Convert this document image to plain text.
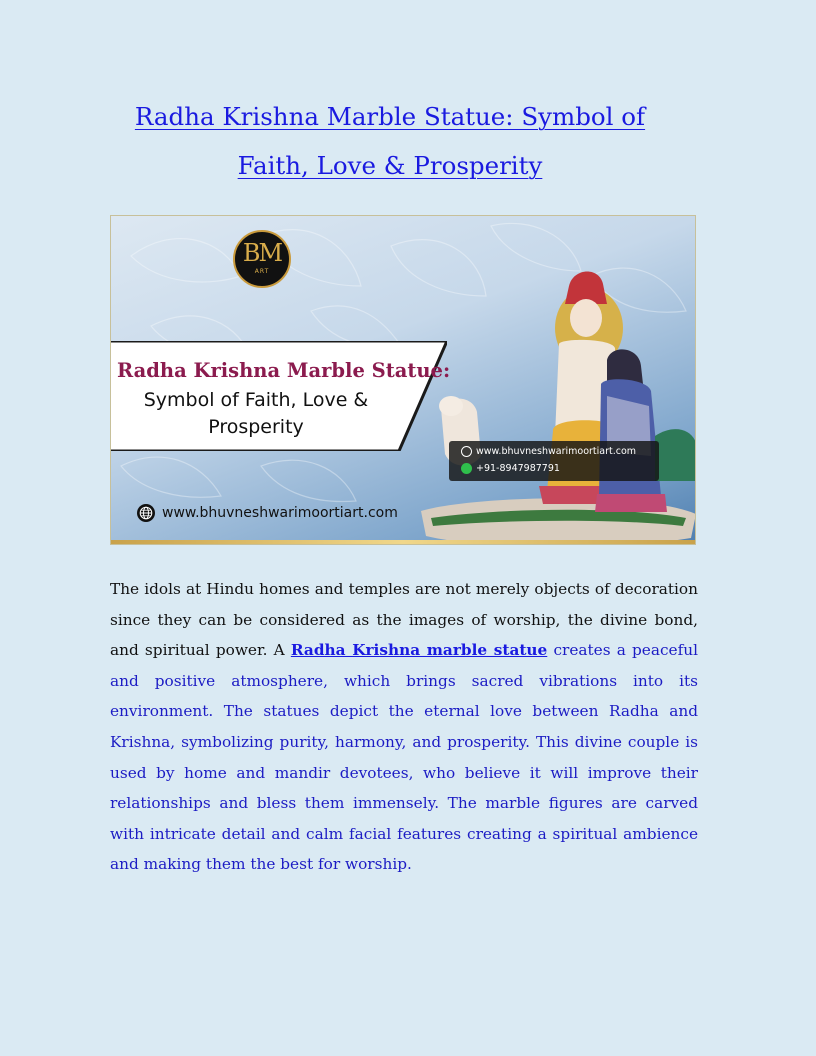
Radha Krishna Marble Statue: Symbol of
Faith, Love & Prosperity
BM
ART

Radha Krishna Marble Statue:

Symbol of Faith, Love & Prosperity

www.bhuvneshwarimoortiart.com
+91-8947987791
www.bhuvneshwarimoortiart.com

The idols at Hindu homes and temples are not merely objects of decoration since they can be considered as the images of worship, the divine bond, and spiritual power. A Radha Krishna marble statue creates a peaceful and positive atmosphere, which brings sacred vibrations into its environment. The statues depict the eternal love between Radha and Krishna, symbolizing purity, harmony, and prosperity. This divine couple is used by home and mandir devotees, who believe it will improve their relationships and bless them immensely. The marble figures are carved with intricate detail and calm facial features creating a spiritual ambience and making them the best for worship.
